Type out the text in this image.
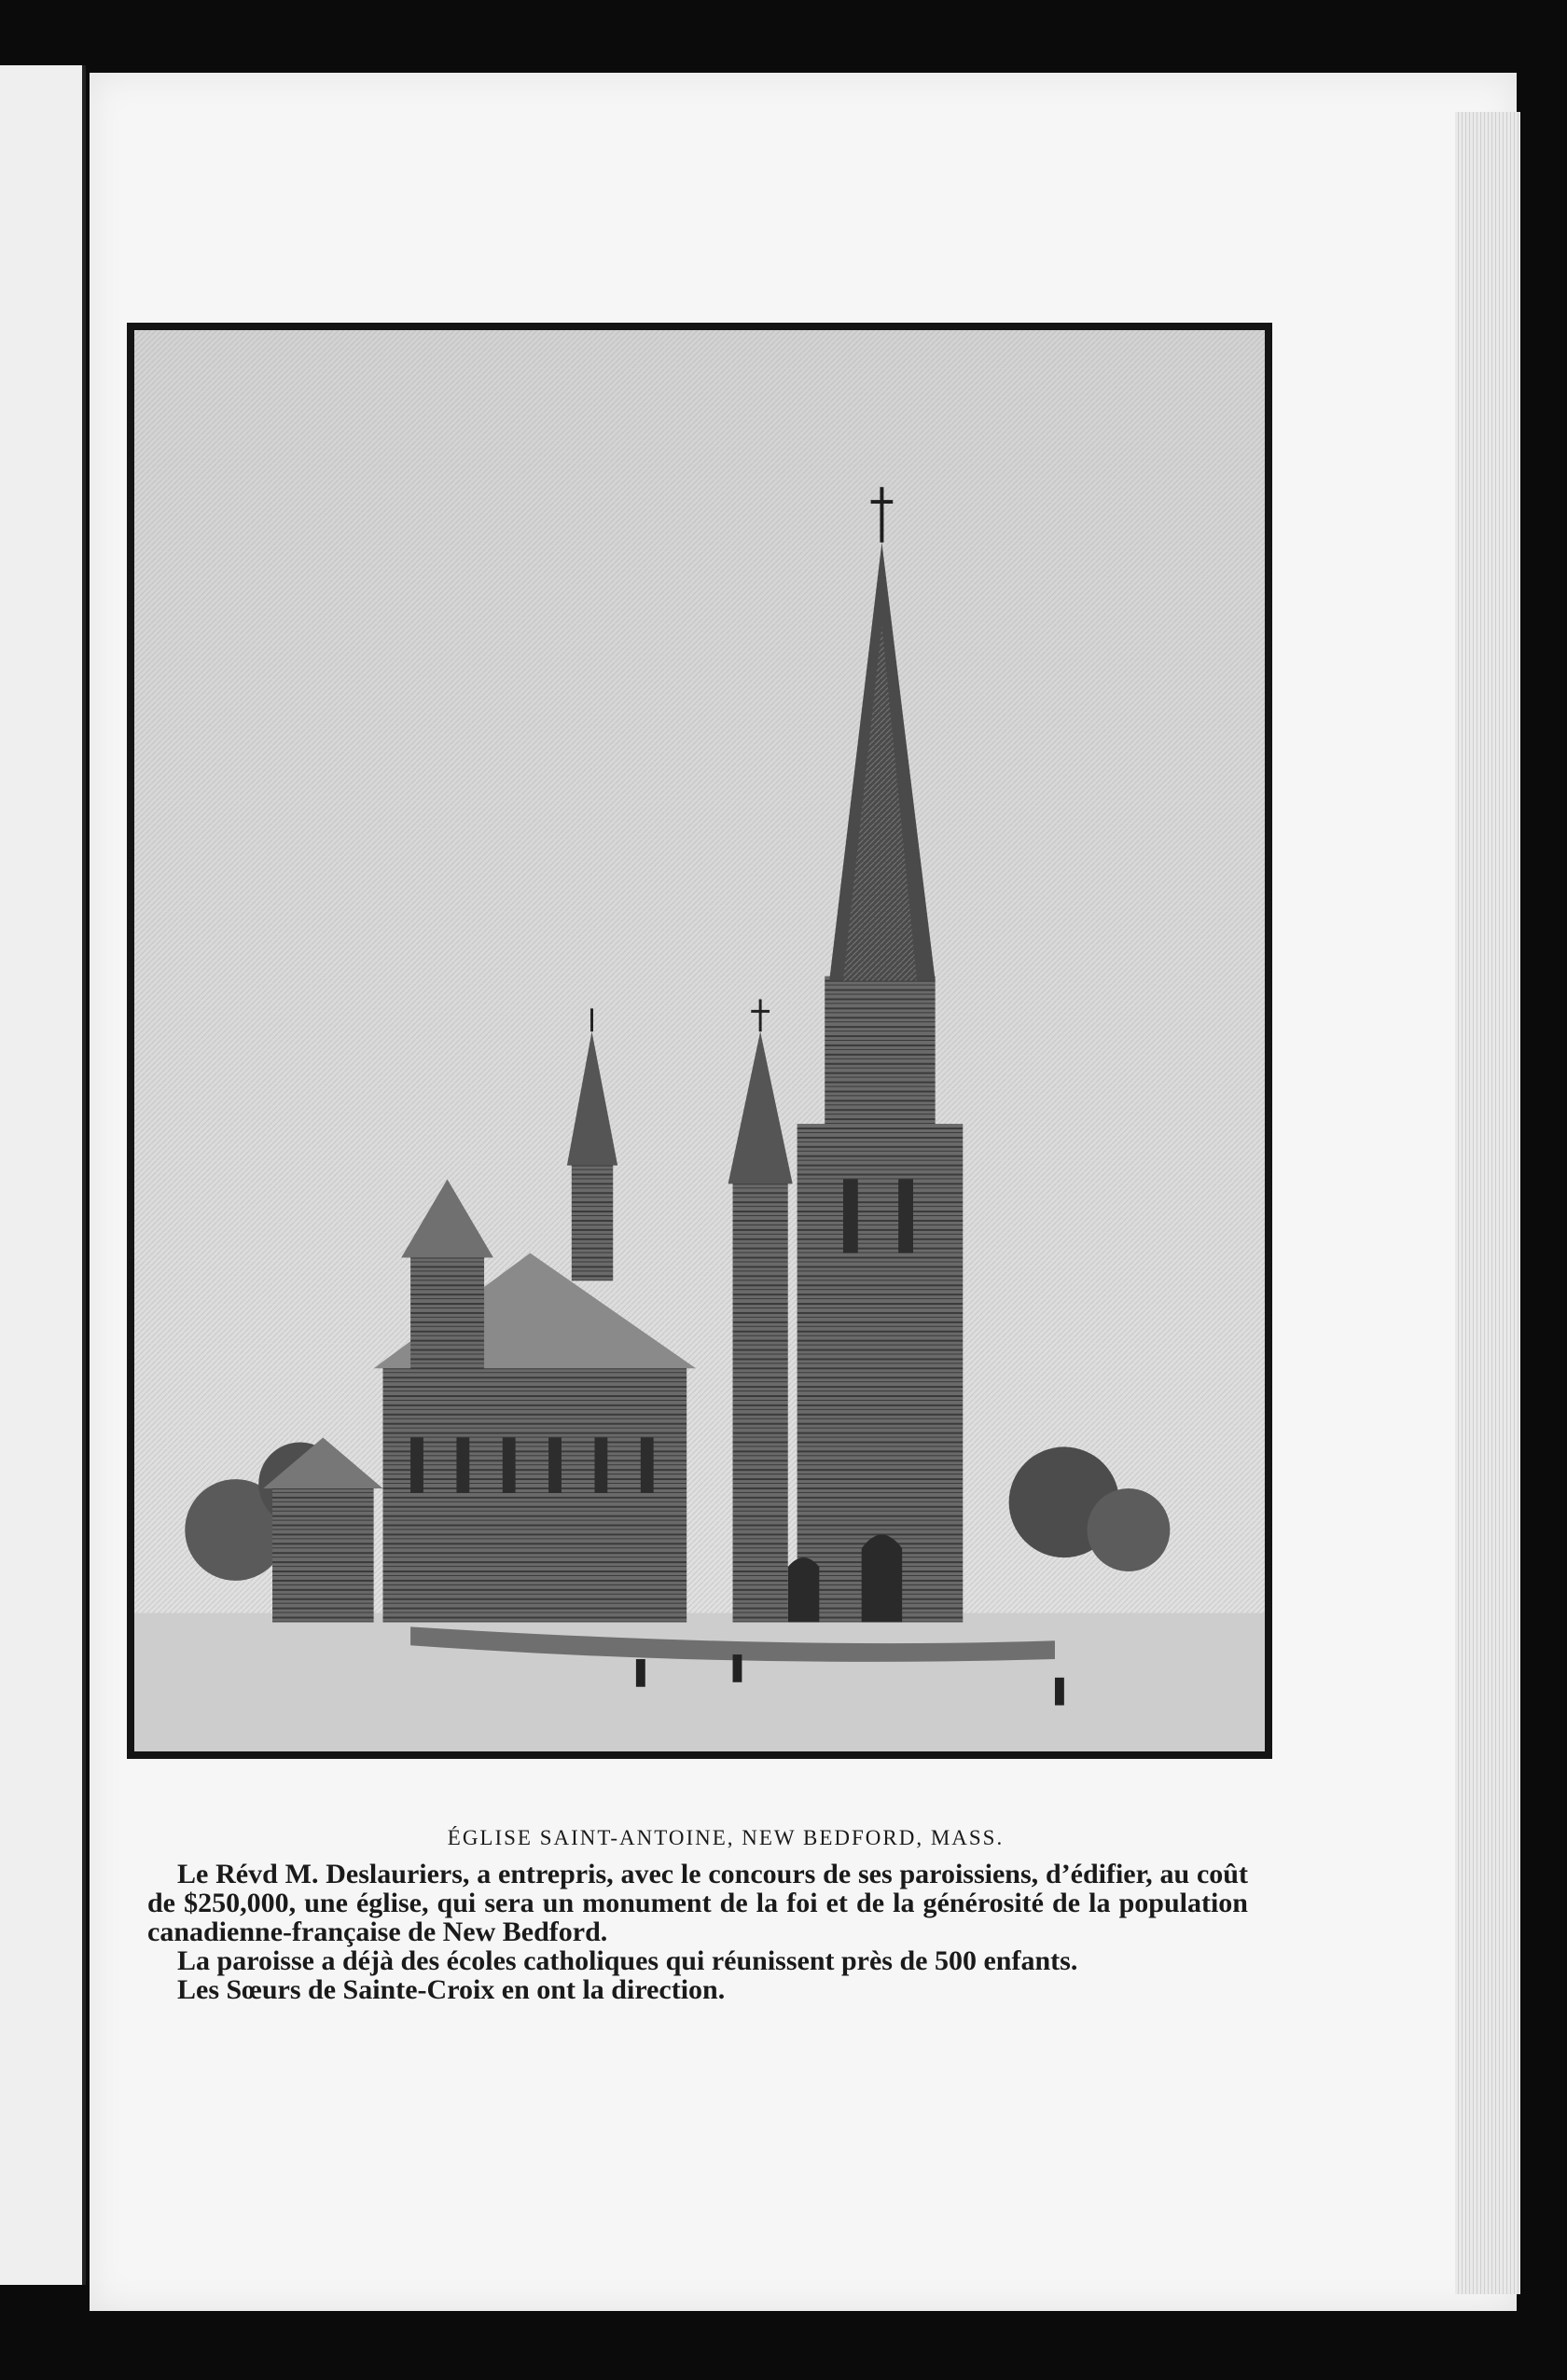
ÉGLISE SAINT-ANTOINE, NEW BEDFORD, MASS.

Le Révd M. Deslauriers, a entrepris, avec le concours de ses paroissiens, d’édifier, au coût de $250,000, une église, qui sera un monument de la foi et de la générosité de la population canadienne-française de New Bedford.

La paroisse a déjà des écoles catholiques qui réunissent près de 500 enfants.

Les Sœurs de Sainte-Croix en ont la direction.
